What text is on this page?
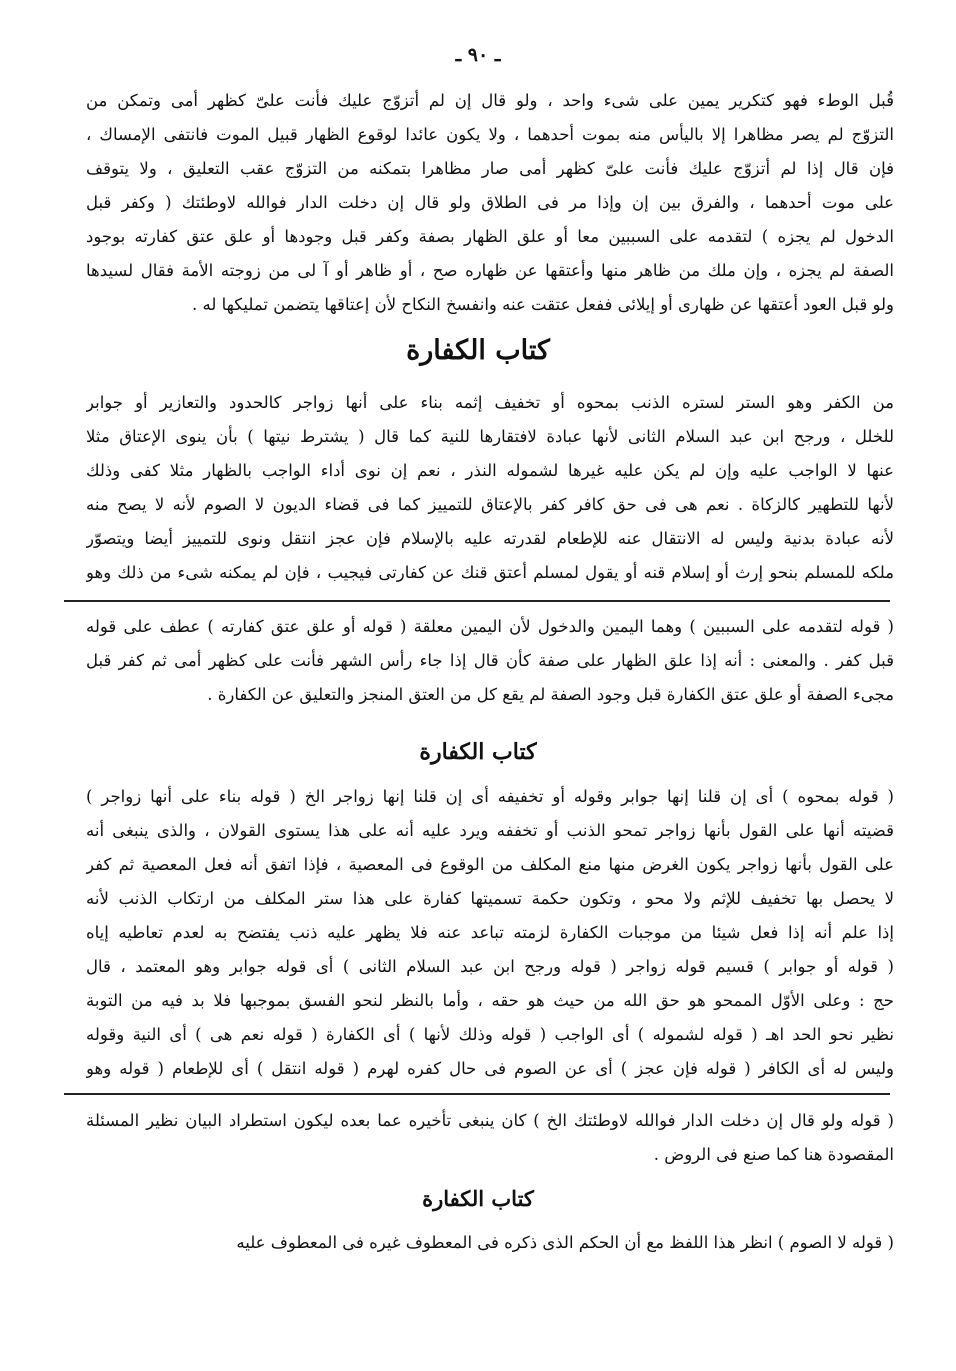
ـ ٩٠ ـ
قُبل الوطء فهو كتكرير يمين على شىء واحد ، ولو قال إن لم أتزوّج عليك فأنت علىّ كظهر أمى وتمكن من
التزوّج لم يصر مظاهرا إلا باليأس منه بموت أحدهما ، ولا يكون عائدا لوقوع الظهار قبيل الموت فانتفى الإمساك ،
فإن قال إذا لم أتزوّج عليك فأنت علىّ كظهر أمى صار مظاهرا بتمكنه من التزوّج عقب التعليق ، ولا يتوقف
على موت أحدهما ، والفرق بين إن وإذا مر فى الطلاق ولو قال إن دخلت الدار فوالله لاوطئتك ( وكفر قبل
الدخول لم يجزه ) لتقدمه على السببين معا أو علق الظهار بصفة وكفر قبل وجودها أو علق عتق كفارته بوجود
الصفة لم يجزه ، وإن ملك من ظاهر منها وأعتقها عن ظهاره صح ، أو ظاهر أو آ لى من زوجته الأمة فقال لسيدها
ولو قبل العود أعتقها عن ظهارى أو إيلائى ففعل عتقت عنه وانفسخ النكاح لأن إعتاقها يتضمن تمليكها له .
كتاب الكفارة
من الكفر وهو الستر لستره الذنب بمحوه أو تخفيف إثمه بناء على أنها زواجر كالحدود والتعازير أو جوابر
للخلل ، ورجح ابن عبد السلام الثانى لأنها عبادة لافتقارها للنية كما قال ( يشترط نيتها ) بأن ينوى الإعتاق مثلا
عنها لا الواجب عليه وإن لم يكن عليه غيرها لشموله النذر ، نعم إن نوى أداء الواجب بالظهار مثلا كفى وذلك
لأنها للتطهير كالزكاة . نعم هى فى حق كافر كفر بالإعتاق للتمييز كما فى قضاء الديون لا الصوم لأنه لا يصح منه
لأنه عبادة بدنية وليس له الانتقال عنه للإطعام لقدرته عليه بالإسلام فإن عجز انتقل ونوى للتمييز أيضا ويتصوّر
ملكه للمسلم بنحو إرث أو إسلام قنه أو يقول لمسلم أعتق قنك عن كفارتى فيجيب ، فإن لم يمكنه شىء من ذلك وهو
( قوله لتقدمه على السببين ) وهما اليمين والدخول لأن اليمين معلقة ( قوله أو علق عتق كفارته ) عطف على قوله
قبل كفر . والمعنى : أنه إذا علق الظهار على صفة كأن قال إذا جاء رأس الشهر فأنت على كظهر أمى ثم كفر قبل
مجىء الصفة أو علق عتق الكفارة قبل وجود الصفة لم يقع كل من العتق المنجز والتعليق عن الكفارة .
كتاب الكفارة
( قوله بمحوه ) أى إن قلنا إنها جوابر وقوله أو تخفيفه أى إن قلنا إنها زواجر الخ ( قوله بناء على أنها زواجر )
قضيته أنها على القول بأنها زواجر تمحو الذنب أو تخففه ويرد عليه أنه على هذا يستوى القولان ، والذى ينبغى أنه
على القول بأنها زواجر يكون الغرض منها منع المكلف من الوقوع فى المعصية ، فإذا اتفق أنه فعل المعصية ثم كفر
لا يحصل بها تخفيف للإثم ولا محو ، وتكون حكمة تسميتها كفارة على هذا ستر المكلف من ارتكاب الذنب لأنه
إذا علم أنه إذا فعل شيئا من موجبات الكفارة لزمته تباعد عنه فلا يظهر عليه ذنب يفتضح به لعدم تعاطيه إياه
( قوله أو جوابر ) قسيم قوله زواجر ( قوله ورجح ابن عبد السلام الثانى ) أى قوله جوابر وهو المعتمد ، قال
حج : وعلى الأوّل الممحو هو حق الله من حيث هو حقه ، وأما بالنظر لنحو الفسق بموجبها فلا بد فيه من التوبة
نظير نحو الحد اهـ ( قوله لشموله ) أى الواجب ( قوله وذلك لأنها ) أى الكفارة ( قوله نعم هى ) أى النية وقوله
وليس له أى الكافر ( قوله فإن عجز ) أى عن الصوم فى حال كفره لهرم ( قوله انتقل ) أى للإطعام ( قوله وهو
( قوله ولو قال إن دخلت الدار فوالله لاوطئتك الخ ) كان ينبغى تأخيره عما بعده ليكون استطراد البيان نظير المسئلة
المقصودة هنا كما صنع فى الروض .
كتاب الكفارة
( قوله لا الصوم ) انظر هذا اللفظ مع أن الحكم الذى ذكره فى المعطوف غيره فى المعطوف عليه
